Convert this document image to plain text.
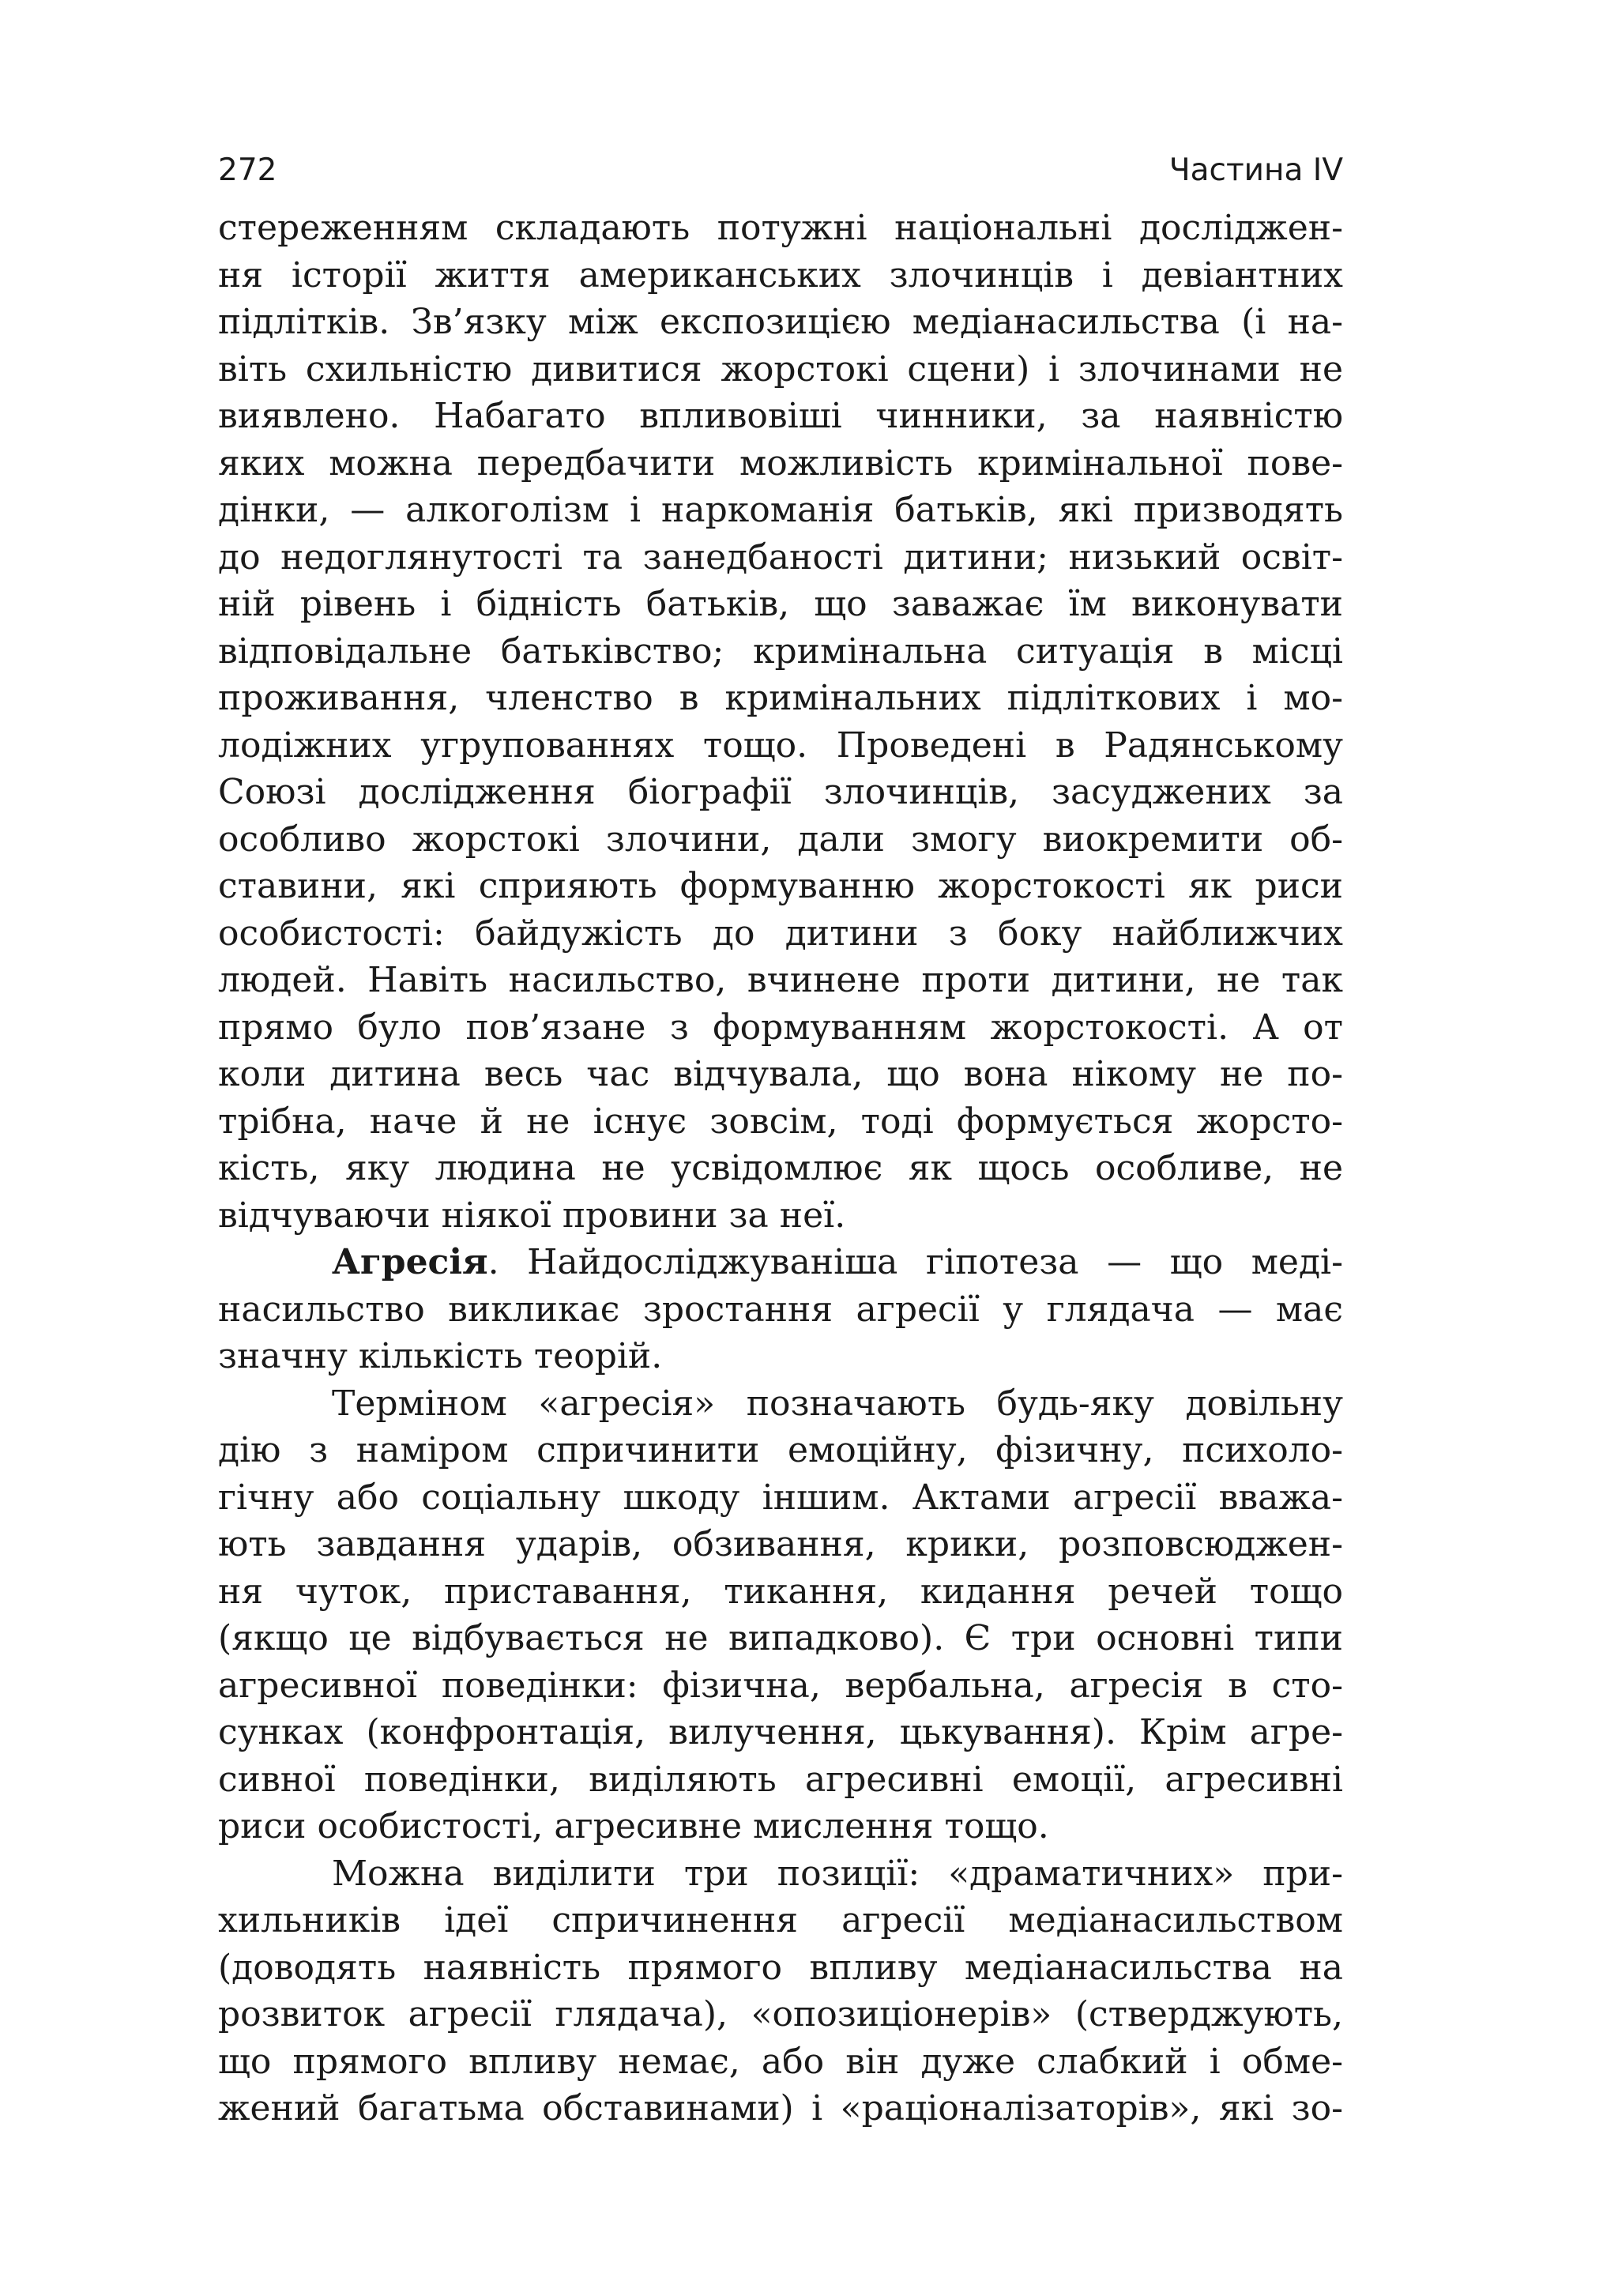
272	Частина IV
стереженням складають потужні національні досліджен-
ня історії життя американських злочинців і девіантних
підлітків. Зв’язку між експозицією медіанасильства (і на-
віть схильністю дивитися жорстокі сцени) і злочинами не
виявлено. Набагато впливовіші чинники, за наявністю
яких можна передбачити можливість кримінальної пове-
дінки, — алкоголізм і наркоманія батьків, які призводять
до недоглянутості та занедбаності дитини; низький освіт-
ній рівень і бідність батьків, що заважає їм виконувати
відповідальне батьківство; кримінальна ситуація в місці
проживання, членство в кримінальних підліткових і мо-
лодіжних угрупованнях тощо. Проведені в Радянському
Союзі дослідження біографії злочинців, засуджених за
особливо жорстокі злочини, дали змогу виокремити об-
ставини, які сприяють формуванню жорстокості як риси
особистості: байдужість до дитини з боку найближчих
людей. Навіть насильство, вчинене проти дитини, не так
прямо було пов’язане з формуванням жорстокості. А от
коли дитина весь час відчувала, що вона нікому не по-
трібна, наче й не існує зовсім, тоді формується жорсто-
кість, яку людина не усвідомлює як щось особливе, не
відчуваючи ніякої провини за неї.
Агресія. Найдосліджуваніша гіпотеза — що меді-
насильство викликає зростання агресії у глядача — має
значну кількість теорій.
Терміном «агресія» позначають будь-яку довільну
дію з наміром спричинити емоційну, фізичну, психоло-
гічну або соціальну шкоду іншим. Актами агресії вважа-
ють завдання ударів, обзивання, крики, розповсюджен-
ня чуток, приставання, тикання, кидання речей тощо
(якщо це відбувається не випадково). Є три основні типи
агресивної поведінки: фізична, вербальна, агресія в сто-
сунках (конфронтація, вилучення, цькування). Крім агре-
сивної поведінки, виділяють агресивні емоції, агресивні
риси особистості, агресивне мислення тощо.
Можна виділити три позиції: «драматичних» при-
хильників ідеї спричинення агресії медіанасильством
(доводять наявність прямого впливу медіанасильства на
розвиток агресії глядача), «опозиціонерів» (стверджують,
що прямого впливу немає, або він дуже слабкий і обме-
жений багатьма обставинами) і «раціоналізаторів», які зо-
